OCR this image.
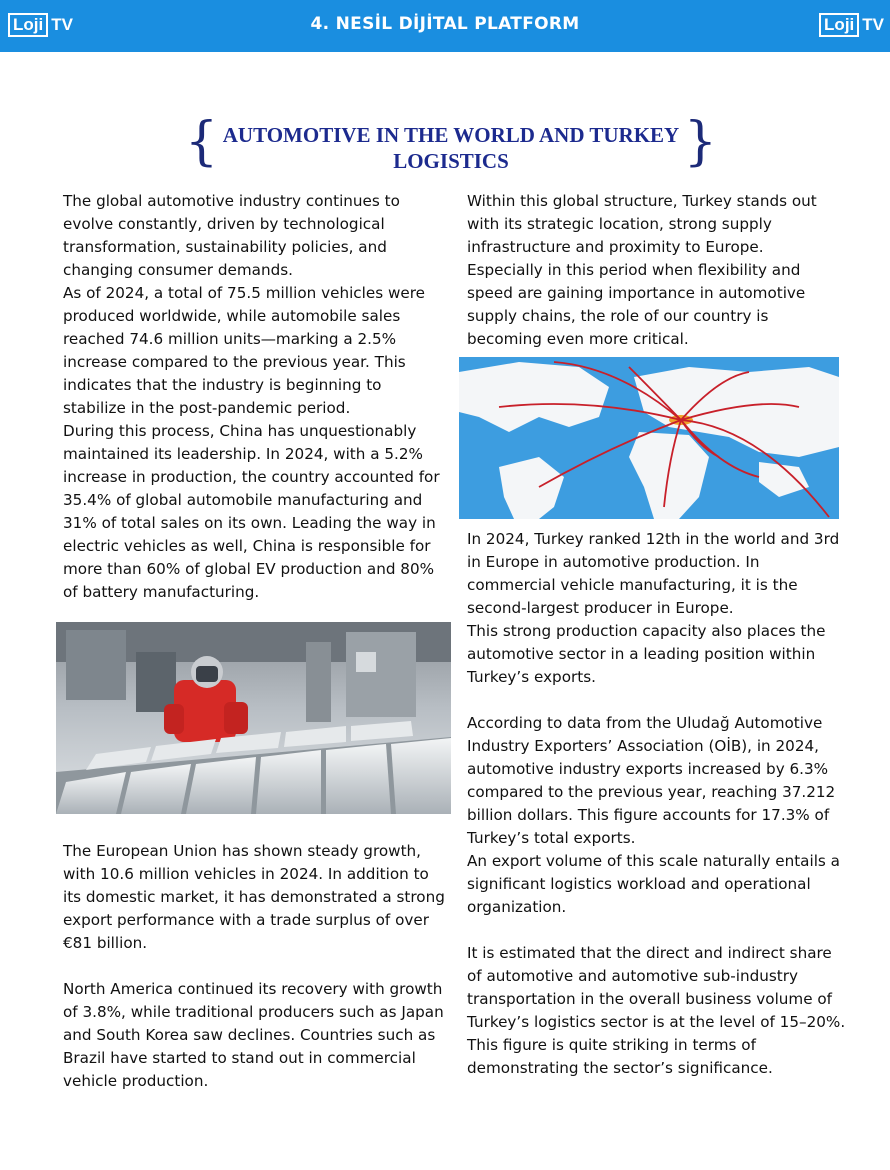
Loji TV	4. NESİL DİJİTAL PLATFORM	Loji TV
{ AUTOMOTIVE IN THE WORLD AND TURKEY
LOGISTICS	}

The global automotive industry continues to evolve constantly, driven by technological transformation, sustainability policies, and changing consumer demands.

As of 2024, a total of 75.5 million vehicles were produced worldwide, while automobile sales reached 74.6 million units—marking a 2.5% increase compared to the previous year. This indicates that the industry is beginning to stabilize in the post-pandemic period.

During this process, China has unquestionably maintained its leadership. In 2024, with a 5.2% increase in production, the country accounted for 35.4% of global automobile manufacturing and 31% of total sales on its own. Leading the way in electric vehicles as well, China is responsible for more than 60% of global EV production and 80% of battery manufacturing.

The European Union has shown steady growth, with 10.6 million vehicles in 2024. In addition to its domestic market, it has demonstrated a strong export performance with a trade surplus of over €81 billion.

North America continued its recovery with growth of 3.8%, while traditional producers such as Japan and South Korea saw declines. Countries such as Brazil have started to stand out in commercial vehicle production.

Within this global structure, Turkey stands out with its strategic location, strong supply infrastructure and proximity to Europe.

Especially in this period when flexibility and speed are gaining importance in automotive supply chains, the role of our country is becoming even more critical.

In 2024, Turkey ranked 12th in the world and 3rd in Europe in automotive production. In commercial vehicle manufacturing, it is the second-largest producer in Europe.

This strong production capacity also places the automotive sector in a leading position within Turkey’s exports.

According to data from the Uludağ Automotive Industry Exporters’ Association (OİB), in 2024, automotive industry exports increased by 6.3% compared to the previous year, reaching 37.212 billion dollars. This figure accounts for 17.3% of Turkey’s total exports.

An export volume of this scale naturally entails a significant logistics workload and operational organization.

It is estimated that the direct and indirect share of automotive and automotive sub-industry transportation in the overall business volume of Turkey’s logistics sector is at the level of 15–20%. This figure is quite striking in terms of demonstrating the sector’s significance.
